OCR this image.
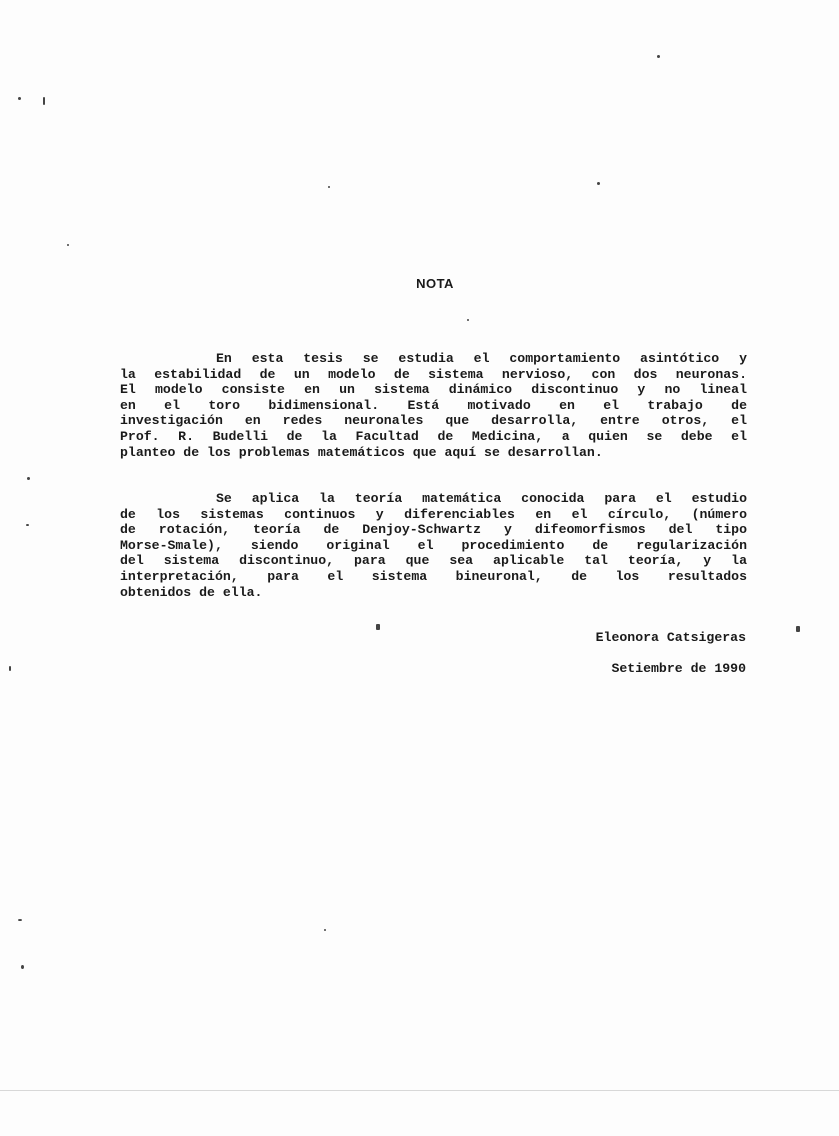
NOTA
En esta tesis se estudia el comportamiento asintótico y
la estabilidad de un modelo de sistema nervioso, con dos neuronas.
El modelo consiste en un sistema dinámico discontinuo y no lineal
en el toro bidimensional. Está motivado en el trabajo de
investigación en redes neuronales que desarrolla, entre otros, el
Prof. R. Budelli de la Facultad de Medicina, a quien se debe el
planteo de los problemas matemáticos que aquí se desarrollan.
Se aplica la teoría matemática conocida para el estudio
de los sistemas continuos y diferenciables en el círculo, (número
de rotación, teoría de Denjoy-Schwartz y difeomorfismos del tipo
Morse-Smale), siendo original el procedimiento de regularización
del sistema discontinuo, para que sea aplicable tal teoría, y la
interpretación, para el sistema bineuronal, de los resultados
obtenidos de ella.
Eleonora Catsigeras
Setiembre de 1990
